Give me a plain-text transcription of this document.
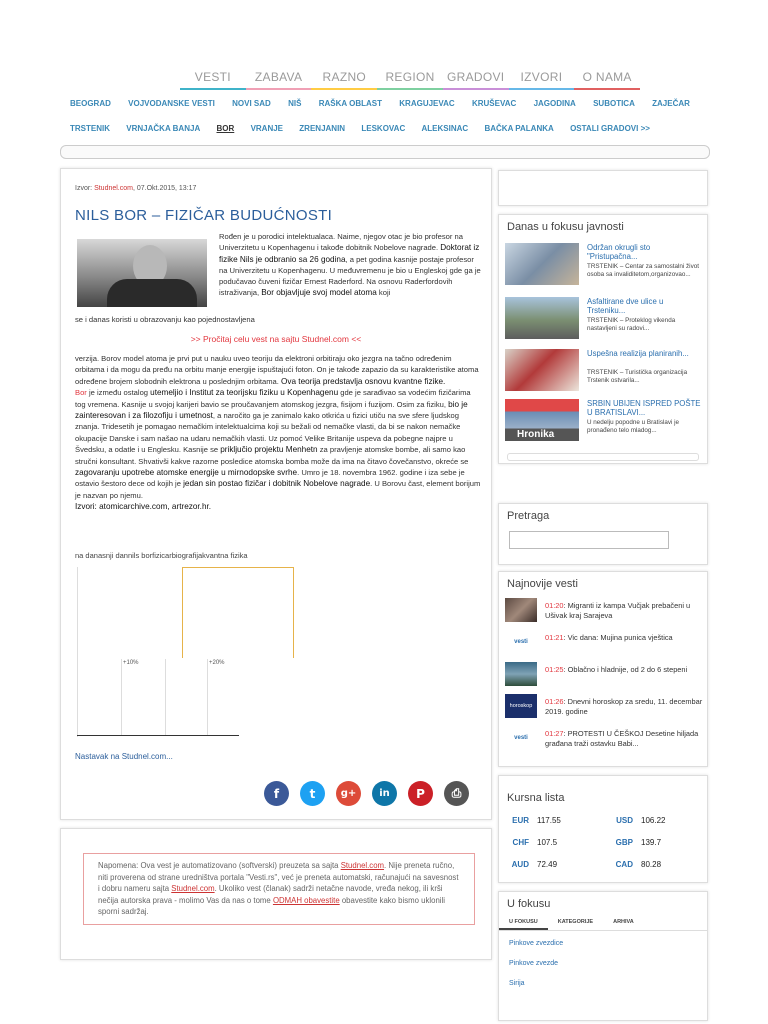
VESTI	ZABAVA	RAZNO	REGION	GRADOVI	IZVORI	O NAMA
BEOGRAD VOJVODANSKE VESTI NOVI SAD NIŠ RAŠKA OBLAST KRAGUJEVAC KRUŠEVAC JAGODINA SUBOTICA ZAJEČAR
TRSTENIK VRNJAČKA BANJA BOR VRANJE ZRENJANIN LESKOVAC ALEKSINAC BAČKA PALANKA OSTALI GRADOVI >>
Izvor: Studnel.com, 07.Okt.2015, 13:17
NILS BOR – FIZIČAR BUDUĆNOSTI
Rođen je u porodici intelektualaca. Naime, njegov otac je bio profesor na Univerzitetu u Kopenhagenu i takođe dobitnik Nobelove nagrade. Doktorat iz fizike Nils je odbranio sa 26 godina, a pet godina kasnije postaje profesor na Univerzitetu u Kopenhagenu. U međuvremenu je bio u Engleskoj gde ga je podučavao čuveni fizičar Ernest Raderford. Na osnovu Raderfordovih istraživanja, Bor objavljuje svoj model atoma koji
se i danas koristi u obrazovanju kao pojednostavljena
>> Pročitaj celu vest na sajtu Studnel.com <<
verzija. Borov model atoma je prvi put u nauku uveo teoriju da elektroni orbitiraju oko jezgra na tačno određenim orbitama i da mogu da pređu na orbitu manje energije ispuštajući foton. On je takođe zapazio da su karakteristike atoma određene brojem slobodnih elektrona u poslednjim orbitama. Ova teorija predstavlja osnovu kvantne fizike.
Bor je između ostalog utemeljio i Institut za teorijsku fiziku u Kopenhagenu gde je sarađivao sa vodećim fizičarima tog vremena. Kasnije u svojoj karijeri bavio se proučavanjem atomskog jezgra, fisijom i fuzijom. Osim za fiziku, bio je zainteresovan i za filozofiju i umetnost, a naročito ga je zanimalo kako otkrića u fizici utiču na sve sfere ljudskog znanja. Tridesetih je pomagao nemačkim intelektualcima koji su bežali od nemačke vlasti, da bi se nakon nemačke okupacije Danske i sam našao na udaru nemačkih vlasti. Uz pomoć Velike Britanije uspeva da pobegne najpre u Švedsku, a odatle i u Englesku. Kasnije se priključio projektu Menhetn za pravljenje atomske bombe, ali samo kao stručni konsultant. Shvativši kakve razorne posledice atomska bomba može da ima na čitavo čovečanstvo, okreće se zagovaranju upotrebe atomske energije u mirnodopske svrhe. Umro je 18. novembra 1962. godine i iza sebe je ostavio šestoro dece od kojih je jedan sin postao fizičar i dobitnik Nobelove nagrade. U Borovu čast, element borijum je nazvan po njemu.
Izvori: atomicarchive.com, artrezor.hr.
na danasnji dannils borfizicarbiografijakvantna fizika
+10%	+20%
Nastavak na Studnel.com...
f	t	g+	in	P	⎙
Napomena: Ova vest je automatizovano (softverski) preuzeta sa sajta Studnel.com. Nije preneta ručno, niti proverena od strane uredništva portala "Vesti.rs", već je preneta automatski, računajući na savesnost i dobru nameru sajta Studnel.com. Ukoliko vest (članak) sadrži netačne navode, vređa nekog, ili krši nečija autorska prava - molimo Vas da nas o tome ODMAH obavestite obavestite kako bismo uklonili sporni sadržaj.
Danas u fokusu javnosti
Održan okrugli sto "Pristupačna...
TRSTENIK – Centar za samostalni život osoba sa invaliditetom,organizovao...
Asfaltirane dve ulice u Trsteniku...
TRSTENIK – Proteklog vikenda nastavljeni su radovi...
Uspešna realizija planiranih...
TRSTENIK – Turistička organizacija Trstenik ostvarila...
Hronika
SRBIN UBIJEN ISPRED POŠTE U BRATISLAVI...
U nedelju popodne u Bratislavi je pronađeno telo mladog...
Pretraga
Najnovije vesti
01:20: Migranti iz kampa Vučjak prebačeni u Ušivak kraj Sarajeva
vesti	01:21: Vic dana: Mujina punica vještica
01:25: Oblačno i hladnije, od 2 do 6 stepeni
horoskop	01:26: Dnevni horoskop za sredu, 11. decembar 2019. godine
vesti	01:27: PROTESTI U ČEŠKOJ Desetine hiljada građana traži ostavku Babi...
Kursna lista
EUR 117.55	USD 106.22
CHF 107.5	GBP 139.7
AUD 72.49	CAD 80.28
U fokusu
U FOKUSU	KATEGORIJE	ARHIVA
Pinkove zvezdice
Pinkove zvezde
Sirija
